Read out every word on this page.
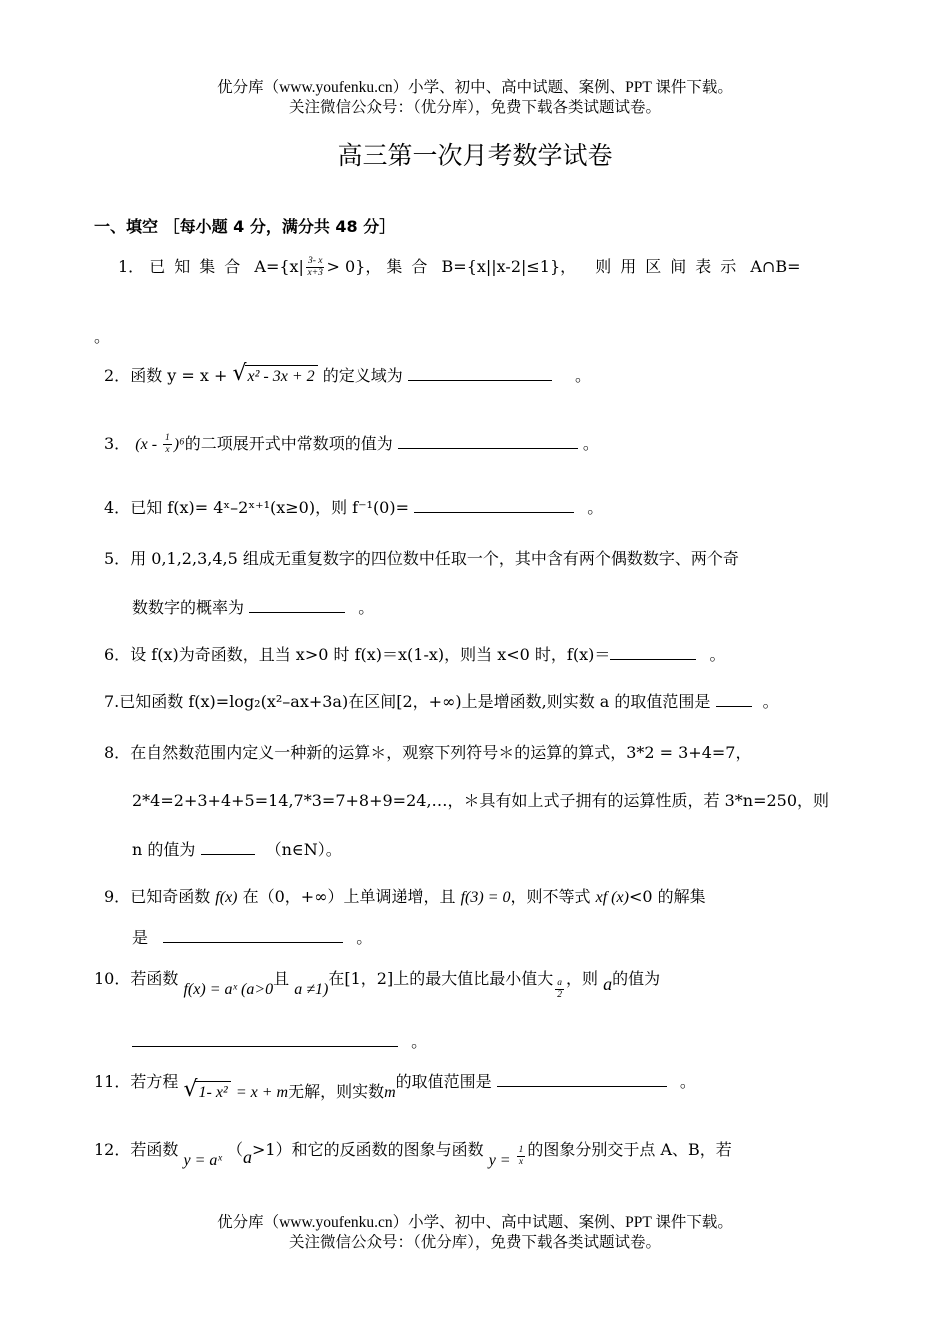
优分库（www.youfenku.cn）小学、初中、高中试题、案例、PPT 课件下载。
关注微信公众号：（优分库），免费下载各类试题试卷。
高三第一次月考数学试卷
一、填空 ［每小题 4 分，满分共 48 分］
1． 已知集合 $A=\{x| \frac{3- x}{x+3} > 0\}$， 集合 B={x||x-2|≤1}， 则用区间表示 A∩B=
。
2．函数 y = x + √ x² - 3x + 2 的定义域为	。
3． $(x - \frac{1}{x} )^6$的二项展开式中常数项的值为	。
4．已知 f(x)= 4ˣ–2ˣ⁺¹(x≥0)，则 f⁻¹(0)=	。
5．用 0,1,2,3,4,5 组成无重复数字的四位数中任取一个，其中含有两个偶数数字、两个奇
数数字的概率为	。
6．设 f(x)为奇函数，且当 x>0 时 f(x)＝x(1-x)，则当 x<0 时，f(x)＝	。
7.已知函数 f(x)=log₂(x²–ax+3a)在区间[2，+∞)上是增函数,则实数 a 的取值范围是	。
8．在自然数范围内定义一种新的运算＊，观察下列符号＊的运算的算式，3*2 = 3+4=7，
2*4=2+3+4+5=14,7*3=7+8+9=24,…，＊具有如上式子拥有的运算性质，若 3*n=250，则
n 的值为	（n∈N）。
9．已知奇函数 f(x) 在（0，+∞）上单调递增，且 f(3) = 0，则不等式 xf (x)<0 的解集
是	。
10．若函数 f(x) = aˣ (a>0且 a ≠1)在[1，2]上的最大值比最小值大 $\frac{a}{2}$ ，则 a的值为
。
11．若方程 √ 1- x² = x + m无解，则实数m的取值范围是	。
12．若函数 y = aˣ （a>1）和它的反函数的图象与函数 $y = \frac{1}{x}$ 的图象分别交于点 A、B，若
优分库（www.youfenku.cn）小学、初中、高中试题、案例、PPT 课件下载。
关注微信公众号：（优分库），免费下载各类试题试卷。
